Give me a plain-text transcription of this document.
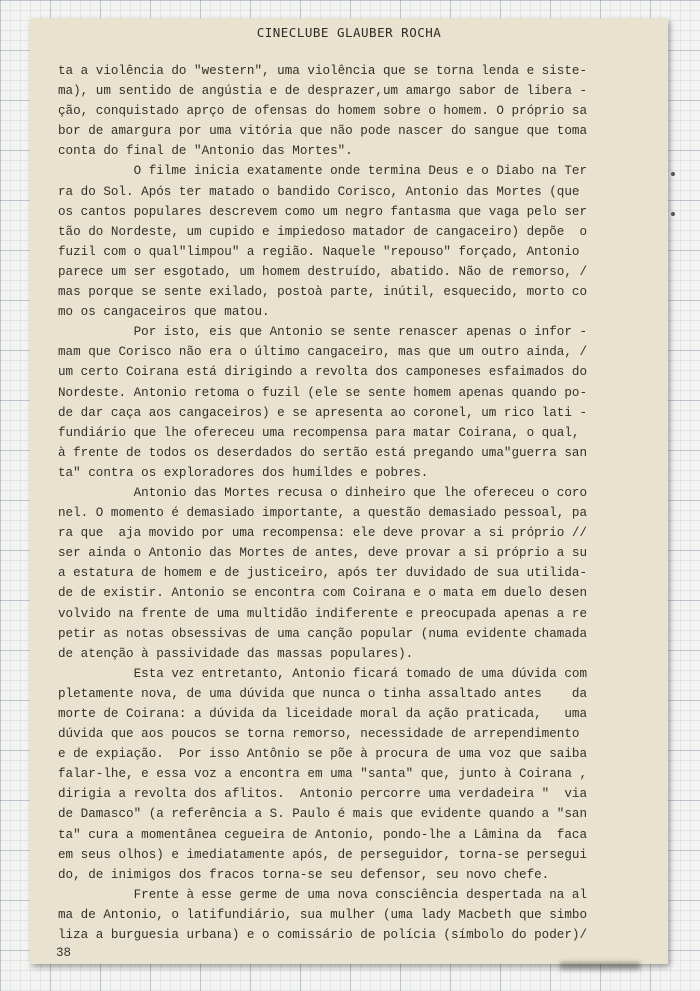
CINECLUBE GLAUBER ROCHA
ta a violência do "western", uma violência que se torna lenda e siste-
ma), um sentido de angústia e de desprazer,um amargo sabor de libera -
ção, conquistado aprço de ofensas do homem sobre o homem. O próprio sa
bor de amargura por uma vitória que não pode nascer do sangue que toma
conta do final de "Antonio das Mortes".
O filme inicia exatamente onde termina Deus e o Diabo na Ter
ra do Sol. Após ter matado o bandido Corisco, Antonio das Mortes (que
os cantos populares descrevem como um negro fantasma que vaga pelo ser
tão do Nordeste, um cupido e impiedoso matador de cangaceiro) depõe  o
fuzil com o qual"limpou" a região. Naquele "repouso" forçado, Antonio
parece um ser esgotado, um homem destruído, abatido. Não de remorso, /
mas porque se sente exilado, postoà parte, inútil, esquecido, morto co
mo os cangaceiros que matou.
Por isto, eis que Antonio se sente renascer apenas o infor -
mam que Corisco não era o último cangaceiro, mas que um outro ainda, /
um certo Coirana está dirigindo a revolta dos camponeses esfaimados do
Nordeste. Antonio retoma o fuzil (ele se sente homem apenas quando po-
de dar caça aos cangaceiros) e se apresenta ao coronel, um rico lati -
fundiário que lhe ofereceu uma recompensa para matar Coirana, o qual,
à frente de todos os deserdados do sertão está pregando uma"guerra san
ta" contra os exploradores dos humildes e pobres.
Antonio das Mortes recusa o dinheiro que lhe ofereceu o coro
nel. O momento é demasiado importante, a questão demasiado pessoal, pa
ra que  aja movido por uma recompensa: ele deve provar a si próprio //
ser ainda o Antonio das Mortes de antes, deve provar a si próprio a su
a estatura de homem e de justiceiro, após ter duvidado de sua utilida-
de de existir. Antonio se encontra com Coirana e o mata em duelo desen
volvido na frente de uma multidão indiferente e preocupada apenas a re
petir as notas obsessivas de uma canção popular (numa evidente chamada
de atenção à passividade das massas populares).
Esta vez entretanto, Antonio ficará tomado de uma dúvida com
pletamente nova, de uma dúvida que nunca o tinha assaltado antes    da
morte de Coirana: a dúvida da liceidade moral da ação praticada,   uma
dúvida que aos poucos se torna remorso, necessidade de arrependimento
e de expiação.  Por isso Antônio se põe à procura de uma voz que saiba
falar-lhe, e essa voz a encontra em uma "santa" que, junto à Coirana ,
dirigia a revolta dos aflitos.  Antonio percorre uma verdadeira "  via
de Damasco" (a referência a S. Paulo é mais que evidente quando a "san
ta" cura a momentânea cegueira de Antonio, pondo-lhe a Lâmina da  faca
em seus olhos) e imediatamente após, de perseguidor, torna-se persegui
do, de inimigos dos fracos torna-se seu defensor, seu novo chefe.
Frente à esse germe de uma nova consciência despertada na al
ma de Antonio, o latifundiário, sua mulher (uma lady Macbeth que simbo
liza a burguesia urbana) e o comissário de polícia (símbolo do poder)/
38
